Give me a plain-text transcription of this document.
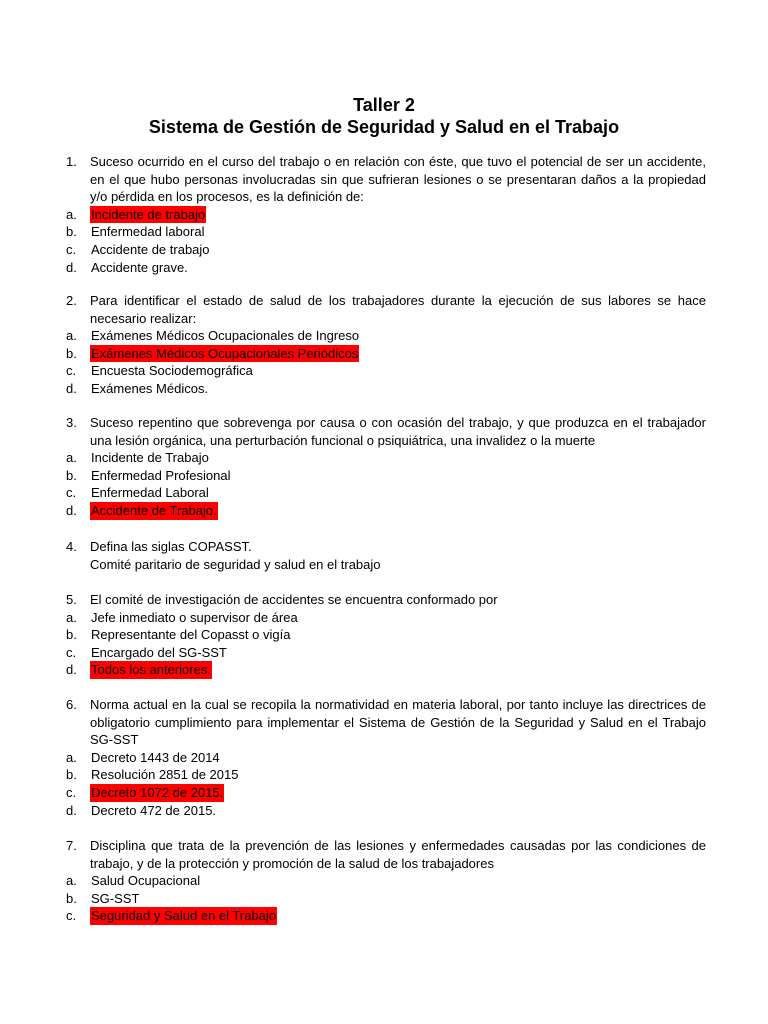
Taller 2
Sistema de Gestión de Seguridad y Salud en el Trabajo
1. Suceso ocurrido en el curso del trabajo o en relación con éste, que tuvo el potencial de ser un accidente, en el que hubo personas involucradas sin que sufrieran lesiones o se presentaran daños a la propiedad y/o pérdida en los procesos, es la definición de:
a. Incidente de trabajo
b. Enfermedad laboral
c. Accidente de trabajo
d. Accidente grave.
2. Para identificar el estado de salud de los trabajadores durante la ejecución de sus labores se hace necesario realizar:
a. Exámenes Médicos Ocupacionales de Ingreso
b. Exámenes Médicos Ocupacionales Periódicos
c. Encuesta Sociodemográfica
d. Exámenes Médicos.
3. Suceso repentino que sobrevenga por causa o con ocasión del trabajo, y que produzca en el trabajador una lesión orgánica, una perturbación funcional o psiquiátrica, una invalidez o la muerte
a. Incidente de Trabajo
b. Enfermedad Profesional
c. Enfermedad Laboral
d. Accidente de Trabajo.
4. Defina las siglas COPASST.
Comité paritario de seguridad y salud en el trabajo
5. El comité de investigación de accidentes se encuentra conformado por
a. Jefe inmediato o supervisor de área
b. Representante del Copasst o vigía
c. Encargado del SG-SST
d. Todos los anteriores.
6. Norma actual en la cual se recopila la normatividad en materia laboral, por tanto incluye las directrices de obligatorio cumplimiento para implementar el Sistema de Gestión de la Seguridad y Salud en el Trabajo SG-SST
a. Decreto 1443 de 2014
b. Resolución 2851 de 2015
c. Decreto 1072 de 2015.
d. Decreto 472 de 2015.
7. Disciplina que trata de la prevención de las lesiones y enfermedades causadas por las condiciones de trabajo, y de la protección y promoción de la salud de los trabajadores
a. Salud Ocupacional
b. SG-SST
c. Seguridad y Salud en el Trabajo
